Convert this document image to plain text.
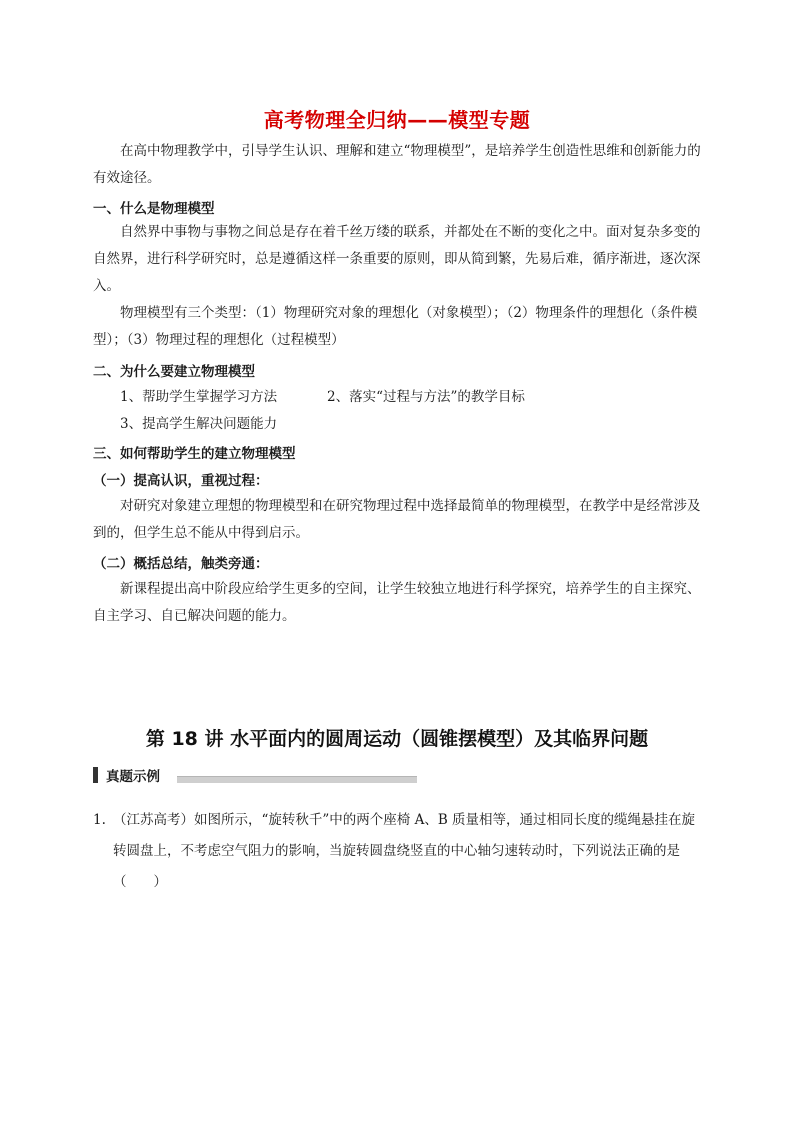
高考物理全归纳——模型专题
在高中物理教学中，引导学生认识、理解和建立“物理模型”，是培养学生创造性思维和创新能力的有效途径。
一、什么是物理模型
自然界中事物与事物之间总是存在着千丝万缕的联系，并都处在不断的变化之中。面对复杂多变的自然界，进行科学研究时，总是遵循这样一条重要的原则，即从简到繁，先易后难，循序渐进，逐次深入。
物理模型有三个类型：（1）物理研究对象的理想化（对象模型）；（2）物理条件的理想化（条件模型）；（3）物理过程的理想化（过程模型）
二、为什么要建立物理模型
1、帮助学生掌握学习方法	2、落实“过程与方法”的教学目标
3、提高学生解决问题能力
三、如何帮助学生的建立物理模型
（一）提高认识，重视过程：
对研究对象建立理想的物理模型和在研究物理过程中选择最简单的物理模型，在教学中是经常涉及到的，但学生总不能从中得到启示。
（二）概括总结，触类旁通：
新课程提出高中阶段应给学生更多的空间，让学生较独立地进行科学探究，培养学生的自主探究、自主学习、自已解决问题的能力。
第 18 讲 水平面内的圆周运动（圆锥摆模型）及其临界问题
真题示例
1. （江苏高考）如图所示，“旋转秋千”中的两个座椅 A、B 质量相等，通过相同长度的缆绳悬挂在旋转圆盘上，不考虑空气阻力的影响，当旋转圆盘绕竖直的中心轴匀速转动时，下列说法正确的是（　　）
